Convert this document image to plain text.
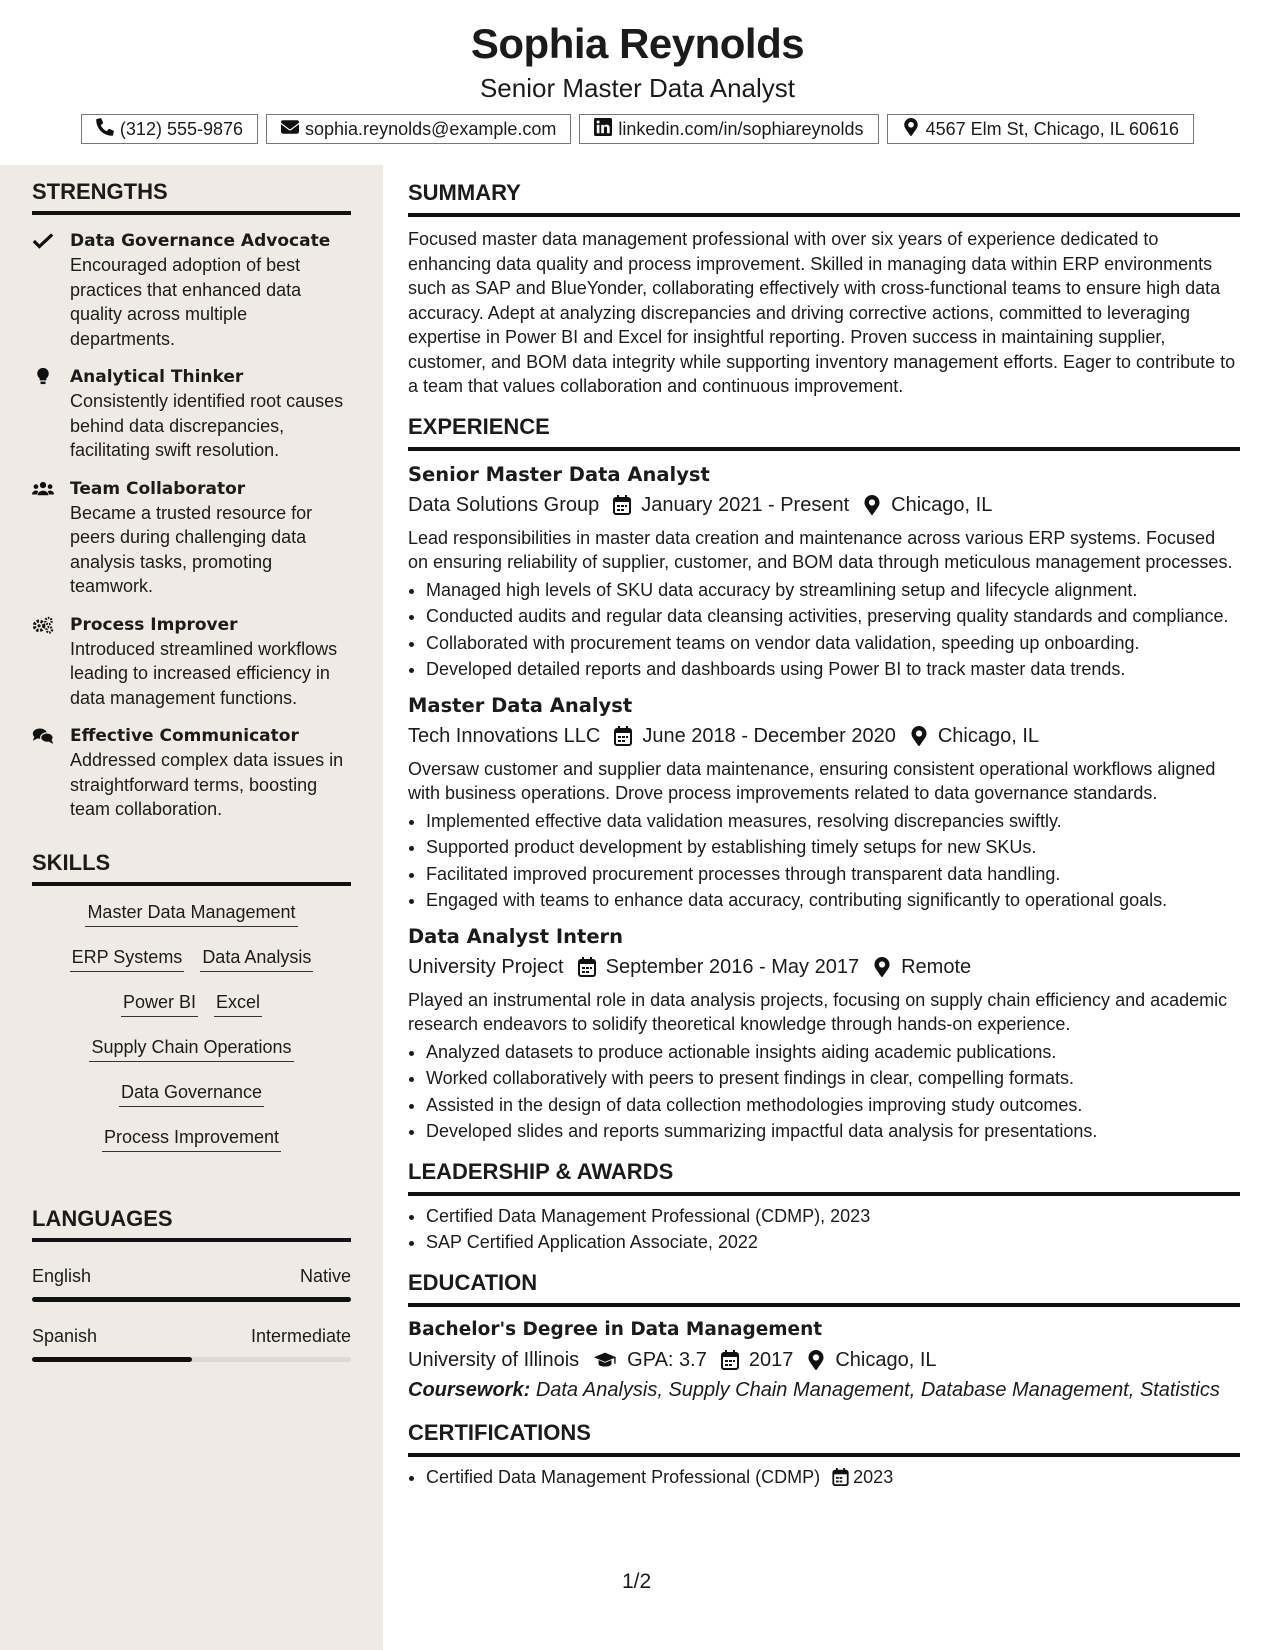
Sophia Reynolds
Senior Master Data Analyst
(312) 555-9876	sophia.reynolds@example.com	linkedin.com/in/sophiareynolds	4567 Elm St, Chicago, IL 60616
STRENGTHS
Data Governance Advocate
Encouraged adoption of best practices that enhanced data quality across multiple departments.
Analytical Thinker
Consistently identified root causes behind data discrepancies, facilitating swift resolution.
Team Collaborator
Became a trusted resource for peers during challenging data analysis tasks, promoting teamwork.
Process Improver
Introduced streamlined workflows leading to increased efficiency in data management functions.
Effective Communicator
Addressed complex data issues in straightforward terms, boosting team collaboration.
SKILLS
Master Data Management
ERP Systems Data Analysis
Power BI Excel
Supply Chain Operations
Data Governance
Process Improvement
LANGUAGES
English	Native
Spanish	Intermediate
SUMMARY
Focused master data management professional with over six years of experience dedicated to enhancing data quality and process improvement. Skilled in managing data within ERP environments such as SAP and BlueYonder, collaborating effectively with cross-functional teams to ensure high data accuracy. Adept at analyzing discrepancies and driving corrective actions, committed to leveraging expertise in Power BI and Excel for insightful reporting. Proven success in maintaining supplier, customer, and BOM data integrity while supporting inventory management efforts. Eager to contribute to a team that values collaboration and continuous improvement.
EXPERIENCE
Senior Master Data Analyst
Data Solutions Group January 2021 - Present Chicago, IL
Lead responsibilities in master data creation and maintenance across various ERP systems. Focused on ensuring reliability of supplier, customer, and BOM data through meticulous management processes.
• Managed high levels of SKU data accuracy by streamlining setup and lifecycle alignment.
• Conducted audits and regular data cleansing activities, preserving quality standards and compliance.
• Collaborated with procurement teams on vendor data validation, speeding up onboarding.
• Developed detailed reports and dashboards using Power BI to track master data trends.
Master Data Analyst
Tech Innovations LLC June 2018 - December 2020 Chicago, IL
Oversaw customer and supplier data maintenance, ensuring consistent operational workflows aligned with business operations. Drove process improvements related to data governance standards.
• Implemented effective data validation measures, resolving discrepancies swiftly.
• Supported product development by establishing timely setups for new SKUs.
• Facilitated improved procurement processes through transparent data handling.
• Engaged with teams to enhance data accuracy, contributing significantly to operational goals.
Data Analyst Intern
University Project September 2016 - May 2017 Remote
Played an instrumental role in data analysis projects, focusing on supply chain efficiency and academic research endeavors to solidify theoretical knowledge through hands-on experience.
• Analyzed datasets to produce actionable insights aiding academic publications.
• Worked collaboratively with peers to present findings in clear, compelling formats.
• Assisted in the design of data collection methodologies improving study outcomes.
• Developed slides and reports summarizing impactful data analysis for presentations.
LEADERSHIP & AWARDS
• Certified Data Management Professional (CDMP), 2023
• SAP Certified Application Associate, 2022
EDUCATION
Bachelor's Degree in Data Management
University of Illinois GPA: 3.7 2017 Chicago, IL
Coursework: Data Analysis, Supply Chain Management, Database Management, Statistics
CERTIFICATIONS
• Certified Data Management Professional (CDMP) 2023
1/2
